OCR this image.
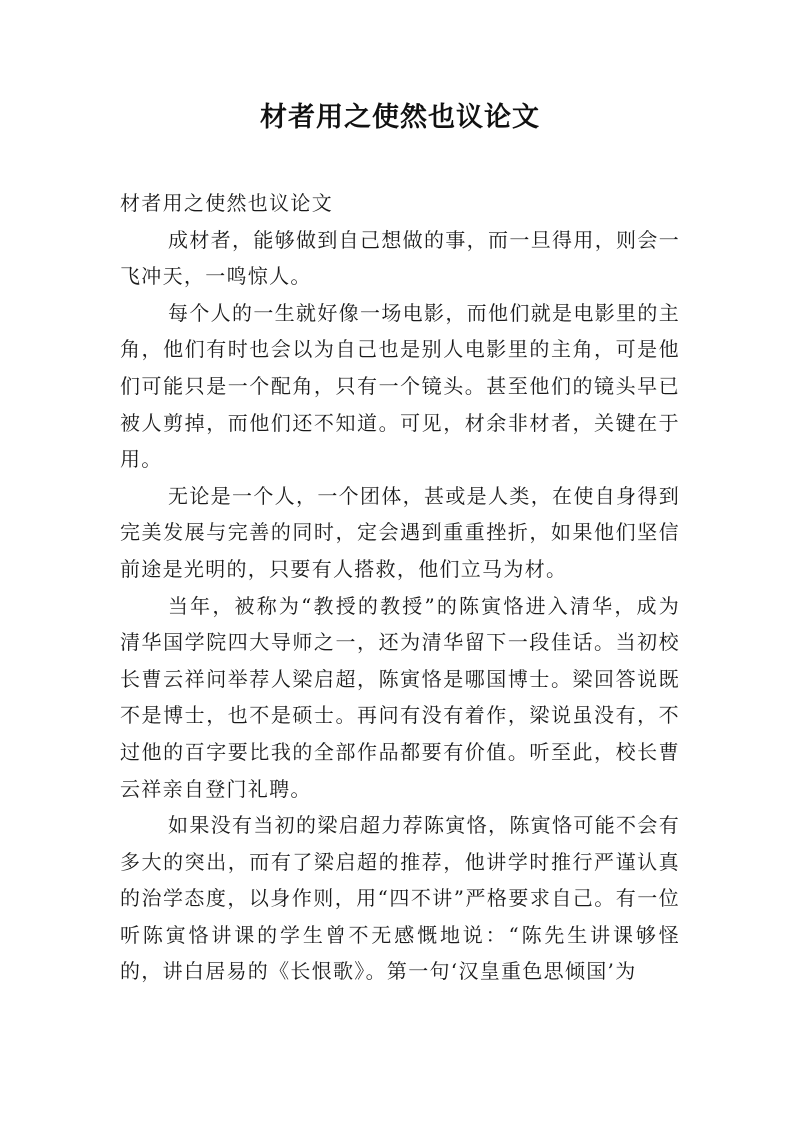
材者用之使然也议论文

材者用之使然也议论文

成材者，能够做到自己想做的事，而一旦得用，则会一飞冲天，一鸣惊人。

每个人的一生就好像一场电影，而他们就是电影里的主角，他们有时也会以为自己也是别人电影里的主角，可是他们可能只是一个配角，只有一个镜头。甚至他们的镜头早已被人剪掉，而他们还不知道。可见，材余非材者，关键在于用。

无论是一个人，一个团体，甚或是人类，在使自身得到完美发展与完善的同时，定会遇到重重挫折，如果他们坚信前途是光明的，只要有人搭救，他们立马为材。

当年，被称为“教授的教授”的陈寅恪进入清华，成为清华国学院四大导师之一，还为清华留下一段佳话。当初校长曹云祥问举荐人梁启超，陈寅恪是哪国博士。梁回答说既不是博士，也不是硕士。再问有没有着作，梁说虽没有，不过他的百字要比我的全部作品都要有价值。听至此，校长曹云祥亲自登门礼聘。

如果没有当初的梁启超力荐陈寅恪，陈寅恪可能不会有多大的突出，而有了梁启超的推荐，他讲学时推行严谨认真的治学态度，以身作则，用“四不讲”严格要求自己。有一位听陈寅恪讲课的学生曾不无感慨地说：“陈先生讲课够怪的，讲白居易的《长恨歌》。第一句‘汉皇重色思倾国’为
